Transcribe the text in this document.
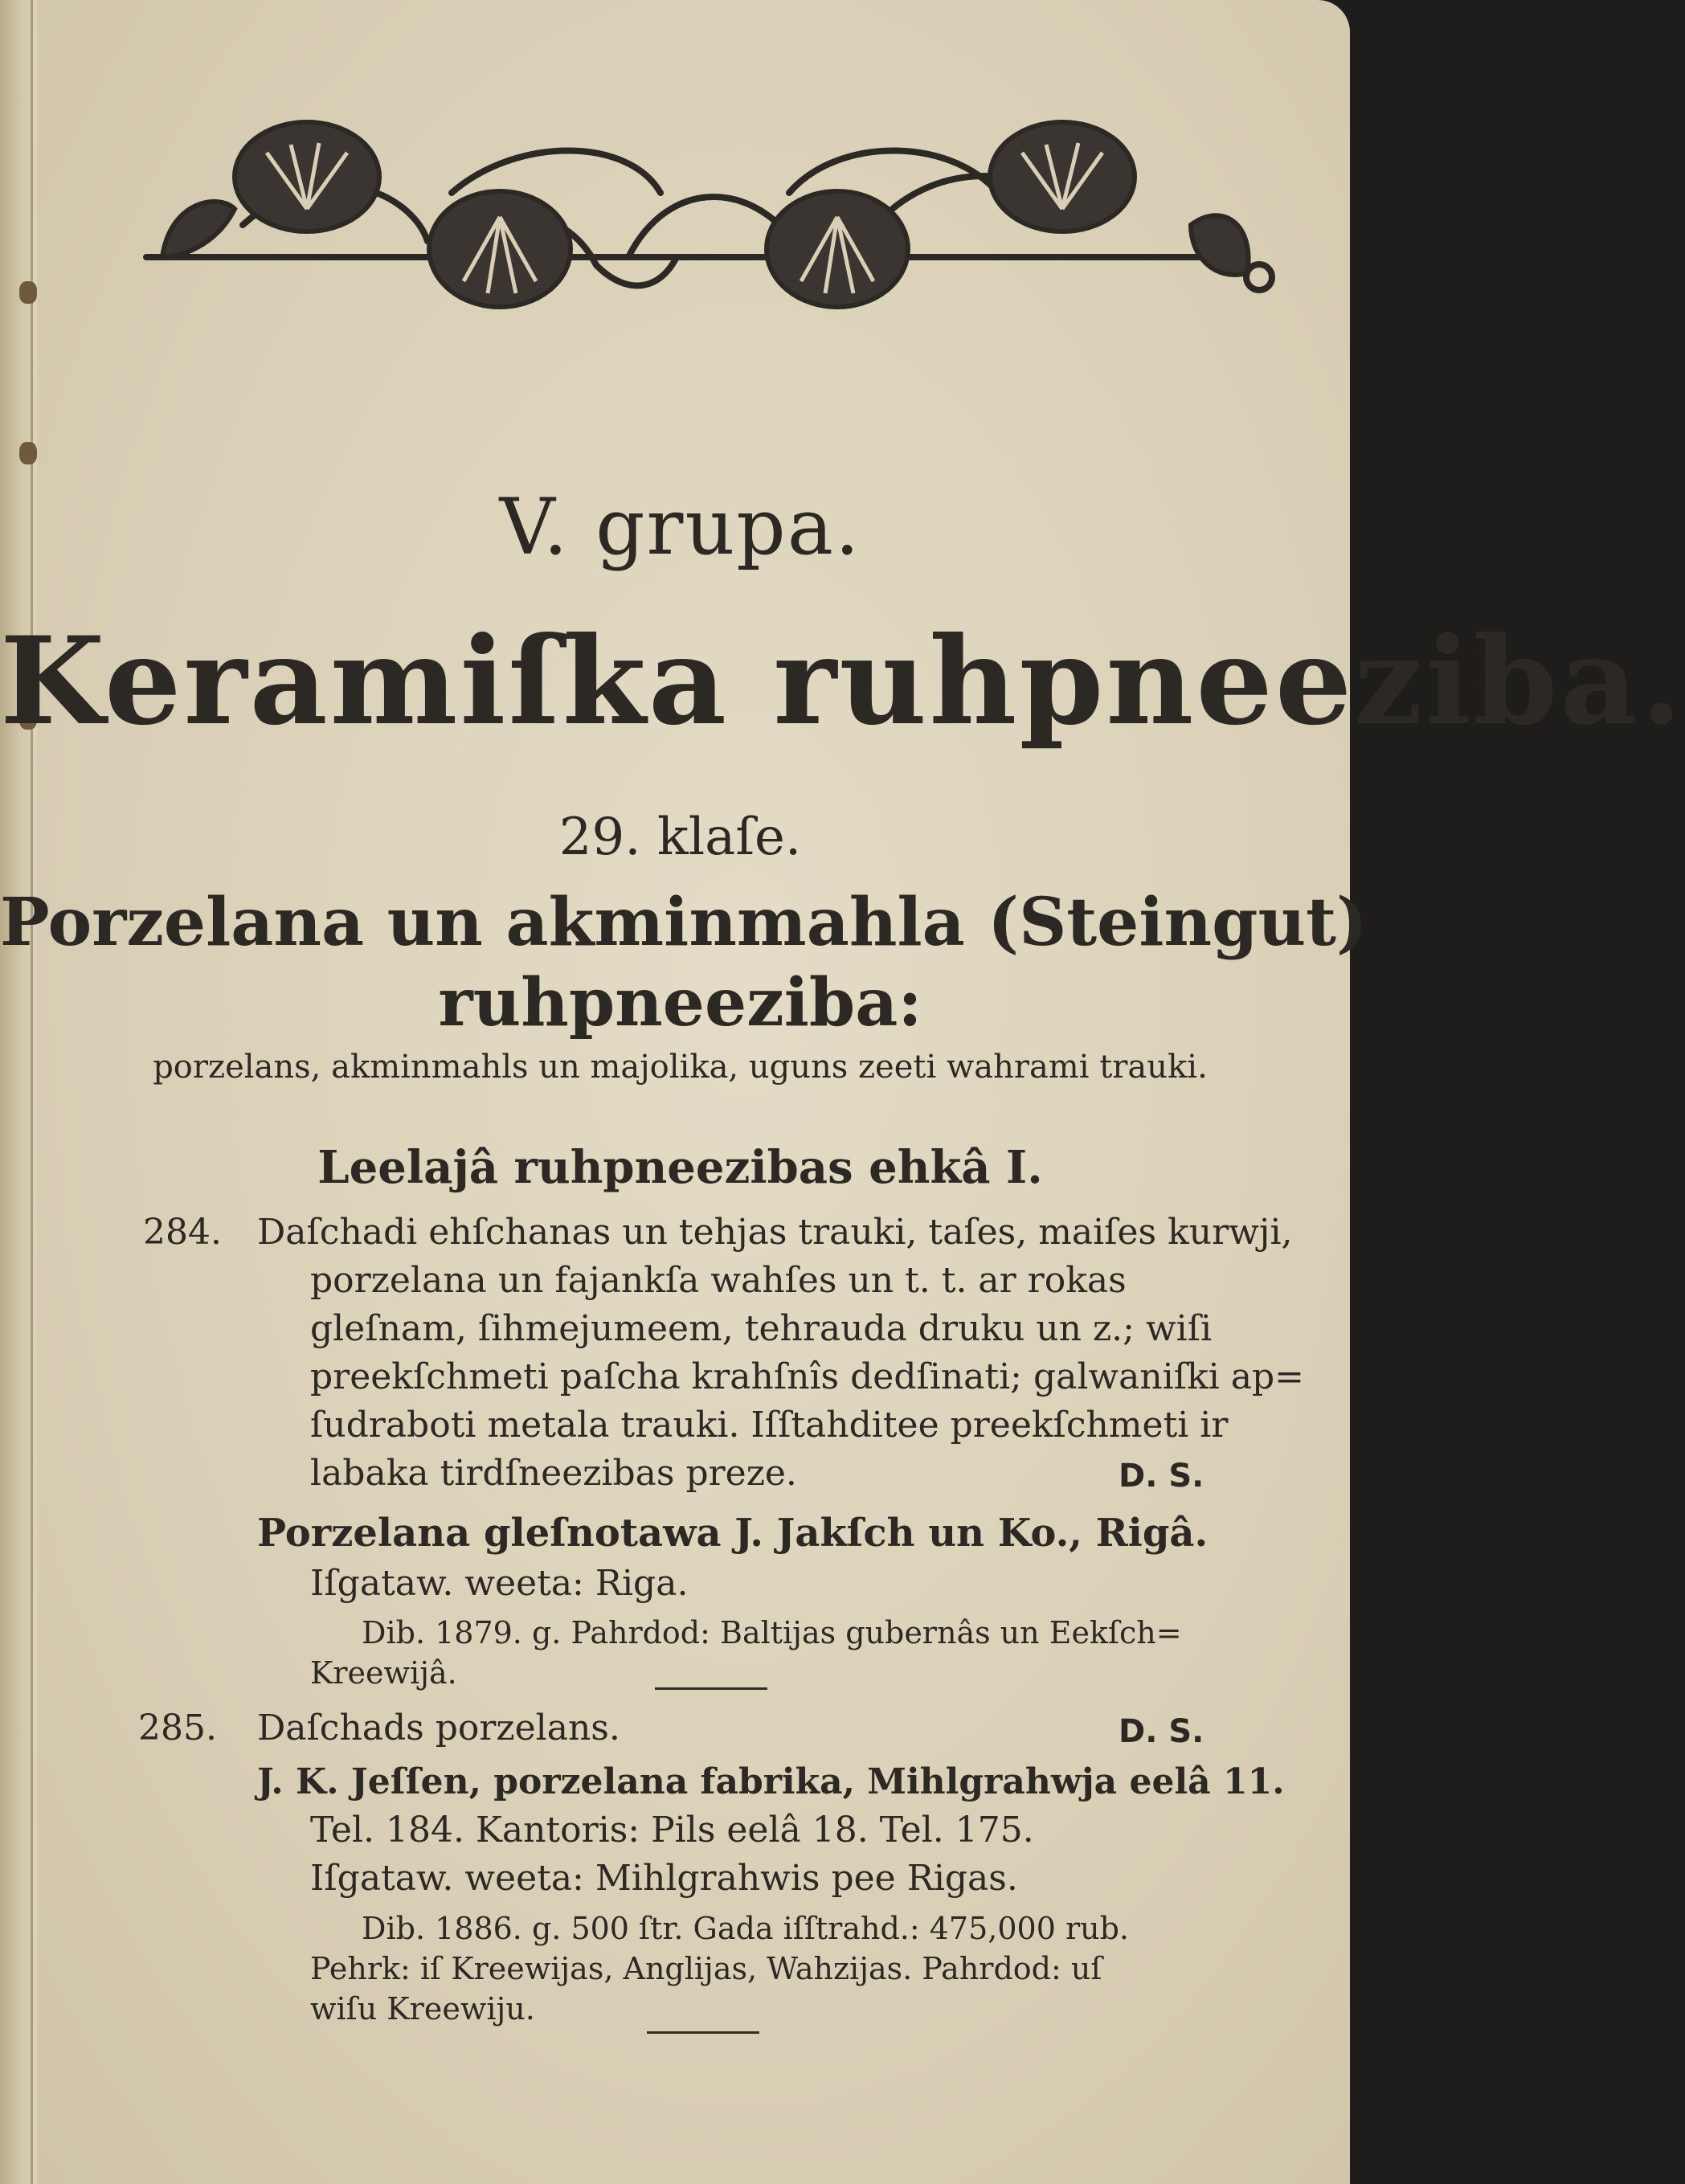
V. grupa.
Keramiſka ruhpneeziba.
29. klaſe.
Porzelana un akminmahla (Steingut)
ruhpneeziba:
porzelans, akminmahls un majolika, uguns zeeti wahrami trauki.
Leelajâ ruhpneezibas ehkâ I.
284. Daſchadi ehſchanas un tehjas trauki, taſes, maiſes kurwji,
porzelana un fajankſa wahſes un t. t. ar rokas
gleſnam, ſihmejumeem, tehrauda druku un z.; wiſi
preekſchmeti paſcha krahſnîs dedſinati; galwaniſki ap=
ſudraboti metala trauki. Iſſtahditee preekſchmeti ir
labaka tirdſneezibas preze.	D. S.
Porzelana gleſnotawa J. Jakſch un Ko., Rigâ.
Iſgataw. weeta: Riga.
Dib. 1879. g. Pahrdod: Baltijas gubernâs un Eekſch=
Kreewijâ.
285. Daſchads porzelans.	D. S.
J. K. Jeſſen, porzelana fabrika, Mihlgrahwja eelâ 11.
Tel. 184. Kantoris: Pils eelâ 18. Tel. 175.
Iſgataw. weeta: Mihlgrahwis pee Rigas.
Dib. 1886. g. 500 ſtr. Gada iſſtrahd.: 475,000 rub.
Pehrk: iſ Kreewijas, Anglijas, Wahzijas. Pahrdod: uſ
wiſu Kreewiju.
